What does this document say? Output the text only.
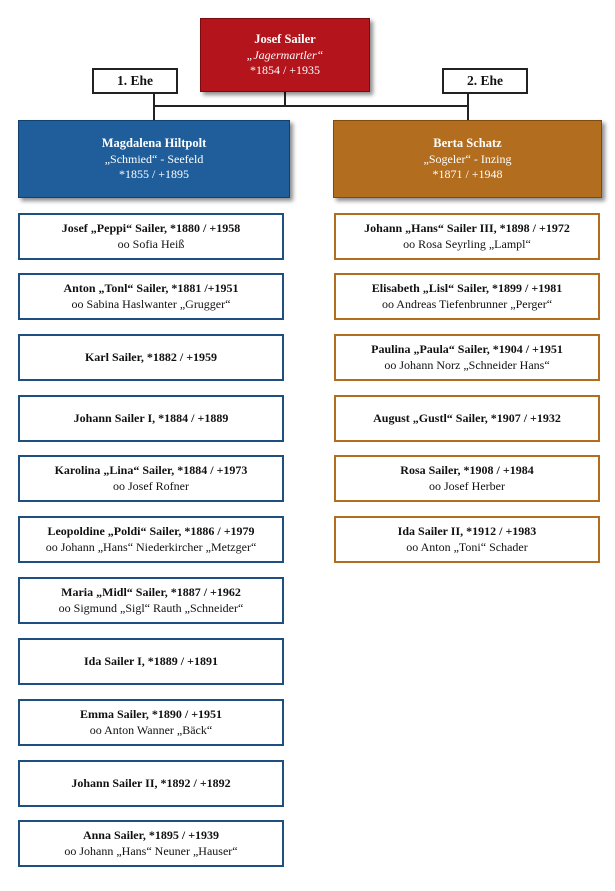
1. Ehe	2. Ehe
Josef Sailer
„Jagermartler“
*1854 / +1935
Magdalena Hiltpolt
„Schmied“ - Seefeld
*1855 / +1895
Berta Schatz
„Sogeler“ - Inzing
*1871 / +1948
Josef „Peppi“ Sailer, *1880 / +1958
oo Sofia Heiß
Anton „Tonl“ Sailer, *1881 /+1951
oo Sabina Haslwanter „Grugger“
Karl Sailer, *1882 / +1959
Johann Sailer I, *1884 / +1889
Karolina „Lina“ Sailer, *1884 / +1973
oo Josef Rofner
Leopoldine „Poldi“ Sailer, *1886 / +1979
oo Johann „Hans“ Niederkircher „Metzger“
Maria „Midl“ Sailer, *1887 / +1962
oo Sigmund „Sigl“ Rauth „Schneider“
Ida Sailer I, *1889 / +1891
Emma Sailer, *1890 / +1951
oo Anton Wanner „Bäck“
Johann Sailer II, *1892 / +1892
Anna Sailer, *1895 / +1939
oo Johann „Hans“ Neuner „Hauser“
Johann „Hans“ Sailer III, *1898 / +1972
oo Rosa Seyrling „Lampl“
Elisabeth „Lisl“ Sailer, *1899 / +1981
oo Andreas Tiefenbrunner „Perger“
Paulina „Paula“ Sailer, *1904 / +1951
oo Johann Norz „Schneider Hans“
August „Gustl“ Sailer, *1907 / +1932
Rosa Sailer, *1908 / +1984
oo Josef Herber
Ida Sailer II, *1912 / +1983
oo Anton „Toni“ Schader
